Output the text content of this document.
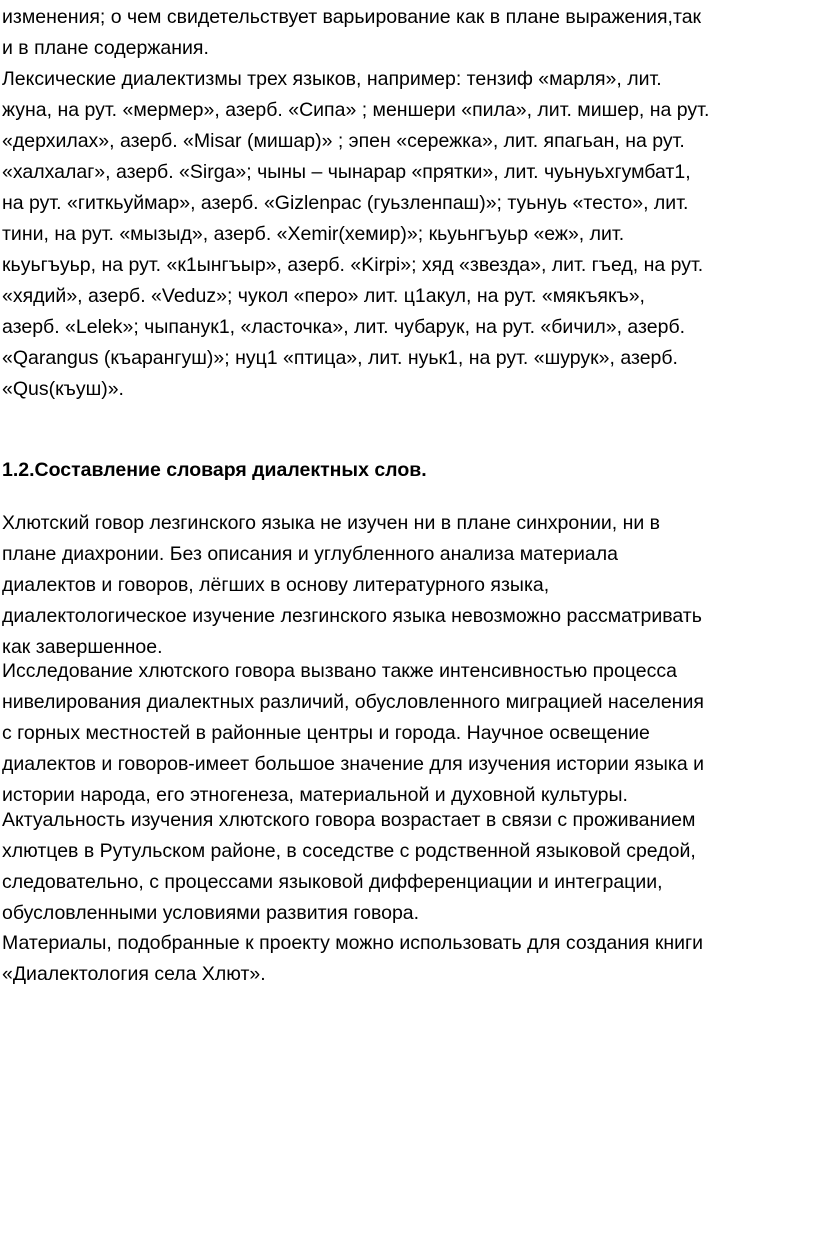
изменения; о чем свидетельствует варьирование как в плане выражения,так
и в плане содержания.

Лексические диалектизмы трех языков, например: тензиф «марля», лит.
жуна, на рут. «мермер», азерб. «Cипа» ; меншери «пила», лит. мишер, на рут.
«дерхилах», азерб. «Misar (мишар)» ; эпен «сережка», лит. япагьан, на рут.
«халхалаг», азерб. «Sirga»; чыны – чынарар «прятки», лит. чуьнуьхгумбат1,
на рут. «гиткьуймар», азерб. «Gizlenpac (гуьзленпаш)»; туьнуь «тесто», лит.
тини, на рут. «мызыд», азерб. «Xemir(хемир)»; кьуьнгъуьр «еж», лит.
кьуьгъуьр, на рут. «к1ынгъыр», азерб. «Kirpi»; хяд «звезда», лит. гъед, на рут.
«хядий», азерб. «Veduz»; чукол «перо» лит. ц1акул, на рут. «мякъякъ»,
азерб. «Lelek»; чыпанук1, «ласточка», лит. чубарук, на рут. «бичил», азерб.
«Qarangus (къарангуш)»; нуц1 «птица», лит. нуьк1, на рут. «шурук», азерб.
«Qus(къуш)».

1.2.Составление словаря диалектных слов.

Хлютский говор лезгинского языка не изучен ни в плане синхронии, ни в
плане диахронии. Без описания и углубленного анализа материала
диалектов и говоров, лёгших в основу литературного языка,
диалектологическое изучение лезгинского языка невозможно рассматривать
как завершенное.

Исследование хлютского говора вызвано также интенсивностью процесса
нивелирования диалектных различий, обусловленного миграцией населения
с горных местностей в районные центры и города. Научное освещение
диалектов и говоров-имеет большое значение для изучения истории языка и
истории народа, его этногенеза, материальной и духовной культуры.

Актуальность изучения хлютского говора возрастает в связи с проживанием
хлютцев в Рутульском районе, в соседстве с родственной языковой средой,
следовательно, с процессами языковой дифференциации и интеграции,
обусловленными условиями развития говора.

Материалы, подобранные к проекту можно использовать для создания книги
«Диалектология села Хлют».
